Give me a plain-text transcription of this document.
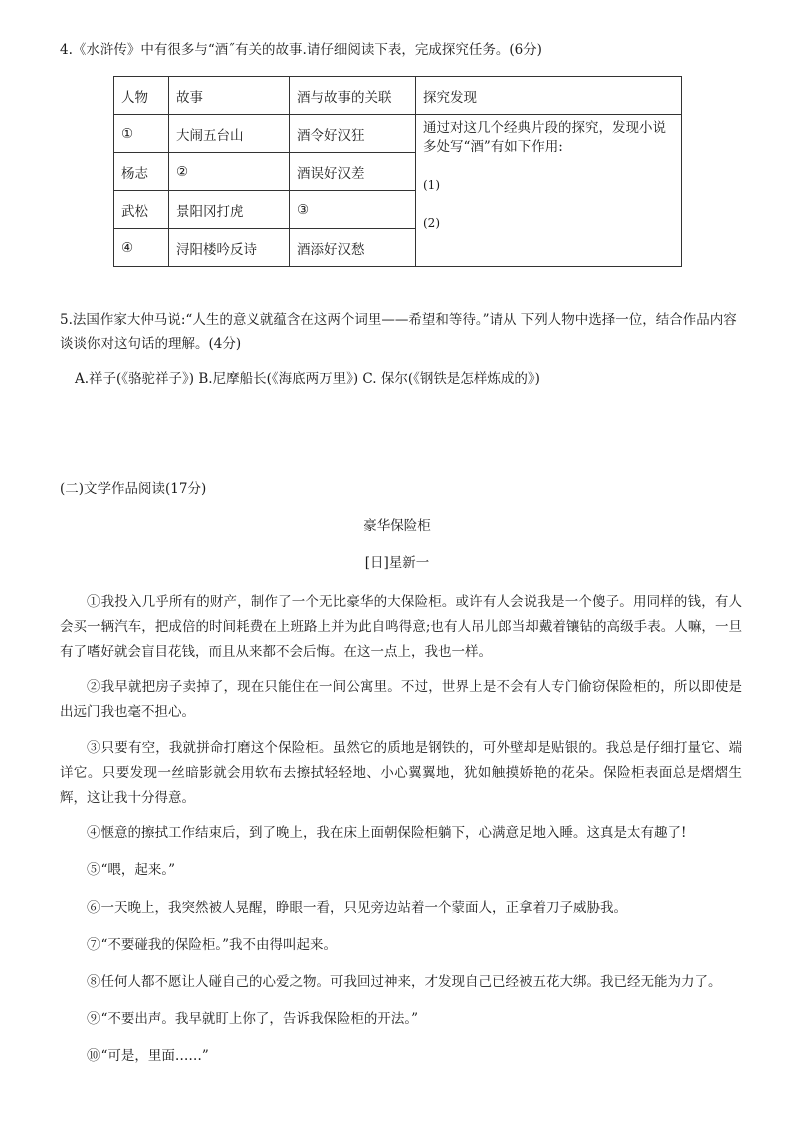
4.《水浒传》中有很多与“酒˝有关的故事.请仔细阅读下表，完成探究任务。(6分)
人物	故事	酒与故事的关联	探究发现
①	大闹五台山	酒令好汉狂	通过对这几个经典片段的探究，发现小说多处写“酒”有如下作用:
(1)
(2)

杨志	②	酒误好汉差	
武松	景阳冈打虎	③	
④	浔阳楼吟反诗	酒添好汉愁	
5.法国作家大仲马说:“人生的意义就蕴含在这两个词里——希望和等待。”请从 下列人物中选择一位，结合作品内容谈谈你对这句话的理解。(4分)
A.祥子(《骆驼祥子》) B.尼摩船长(《海底两万里》) C. 保尔(《钢铁是怎样炼成的》)
(二)文学作品阅读(17分)
豪华保险柜
[日]星新一
①我投入几乎所有的财产，制作了一个无比豪华的大保险柜。或许有人会说我是一个傻子。用同样的钱，有人会买一辆汽车，把成倍的时间耗费在上班路上并为此自鸣得意;也有人吊儿郎当却戴着镶钻的高级手表。人嘛，一旦有了嗜好就会盲目花钱，而且从来都不会后悔。在这一点上，我也一样。
②我早就把房子卖掉了，现在只能住在一间公寓里。不过，世界上是不会有人专门偷窃保险柜的，所以即使是出远门我也毫不担心。
③只要有空，我就拼命打磨这个保险柜。虽然它的质地是钢铁的，可外壁却是贴银的。我总是仔细打量它、端详它。只要发现一丝暗影就会用软布去擦拭轻轻地、小心翼翼地，犹如触摸娇艳的花朵。保险柜表面总是熠熠生辉，这让我十分得意。
④惬意的擦拭工作结束后，到了晚上，我在床上面朝保险柜躺下，心满意足地入睡。这真是太有趣了!
⑤“喂，起来。”
⑥一天晚上，我突然被人晃醒，睁眼一看，只见旁边站着一个蒙面人，正拿着刀子威胁我。
⑦“不要碰我的保险柜。”我不由得叫起来。
⑧任何人都不愿让人碰自己的心爱之物。可我回过神来，才发现自己已经被五花大绑。我已经无能为力了。
⑨“不要出声。我早就盯上你了，告诉我保险柜的开法。”
⑩“可是，里面……”
